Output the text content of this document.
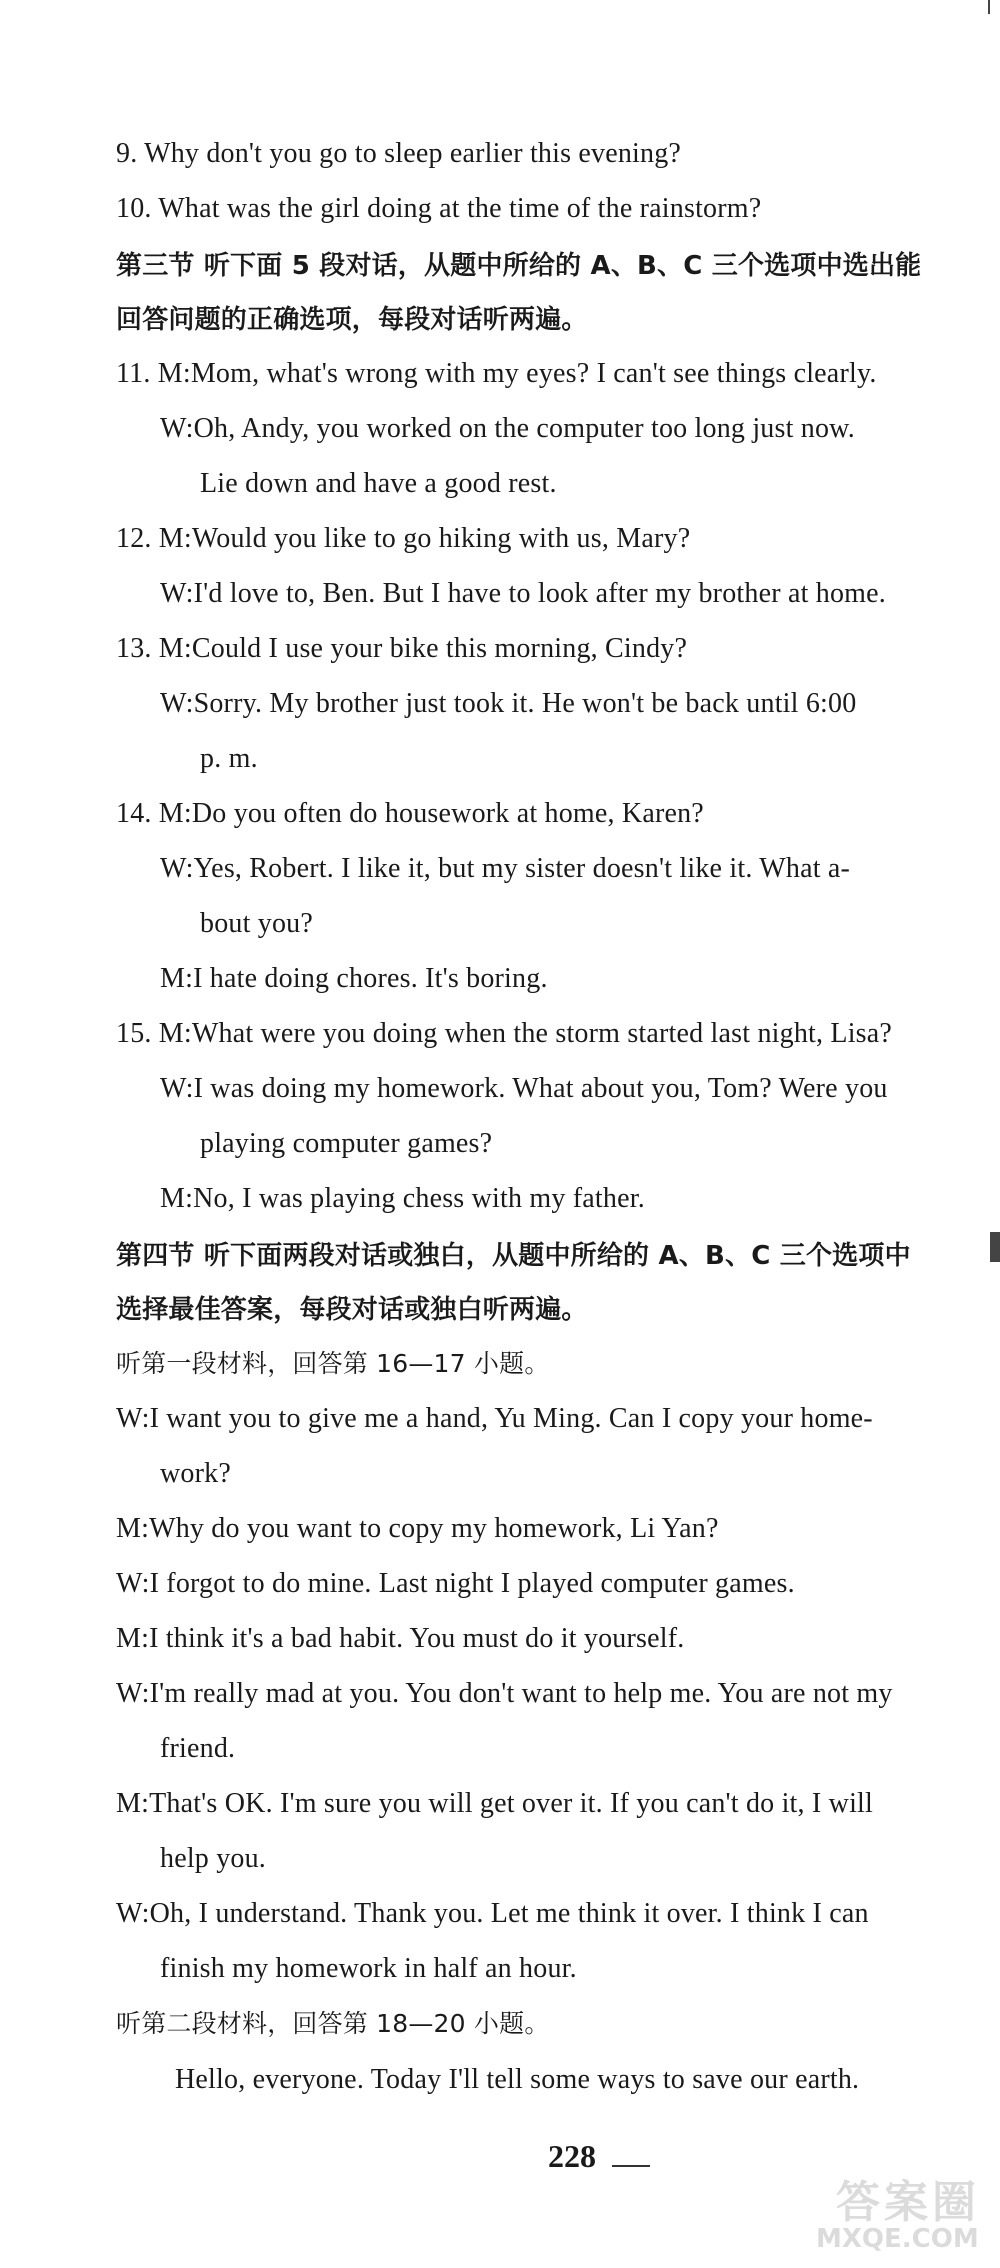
9. Why don't you go to sleep earlier this evening?
10. What was the girl doing at the time of the rainstorm?
第三节 听下面 5 段对话，从题中所给的 A、B、C 三个选项中选出能
回答问题的正确选项，每段对话听两遍。
11. M:Mom, what's wrong with my eyes? I can't see things clearly.
W:Oh, Andy, you worked on the computer too long just now.
Lie down and have a good rest.
12. M:Would you like to go hiking with us, Mary?
W:I'd love to, Ben. But I have to look after my brother at home.
13. M:Could I use your bike this morning, Cindy?
W:Sorry. My brother just took it. He won't be back until 6:00
p. m.
14. M:Do you often do housework at home, Karen?
W:Yes, Robert. I like it, but my sister doesn't like it. What a-
bout you?
M:I hate doing chores. It's boring.
15. M:What were you doing when the storm started last night, Lisa?
W:I was doing my homework. What about you, Tom? Were you
playing computer games?
M:No, I was playing chess with my father.
第四节 听下面两段对话或独白，从题中所给的 A、B、C 三个选项中
选择最佳答案，每段对话或独白听两遍。
听第一段材料，回答第 16—17 小题。
W:I want you to give me a hand, Yu Ming. Can I copy your home-
work?
M:Why do you want to copy my homework, Li Yan?
W:I forgot to do mine. Last night I played computer games.
M:I think it's a bad habit. You must do it yourself.
W:I'm really mad at you. You don't want to help me. You are not my
friend.
M:That's OK. I'm sure you will get over it. If you can't do it, I will
help you.
W:Oh, I understand. Thank you. Let me think it over. I think I can
finish my homework in half an hour.
听第二段材料，回答第 18—20 小题。
Hello, everyone. Today I'll tell some ways to save our earth.
228
答案圈
MXQE.COM
